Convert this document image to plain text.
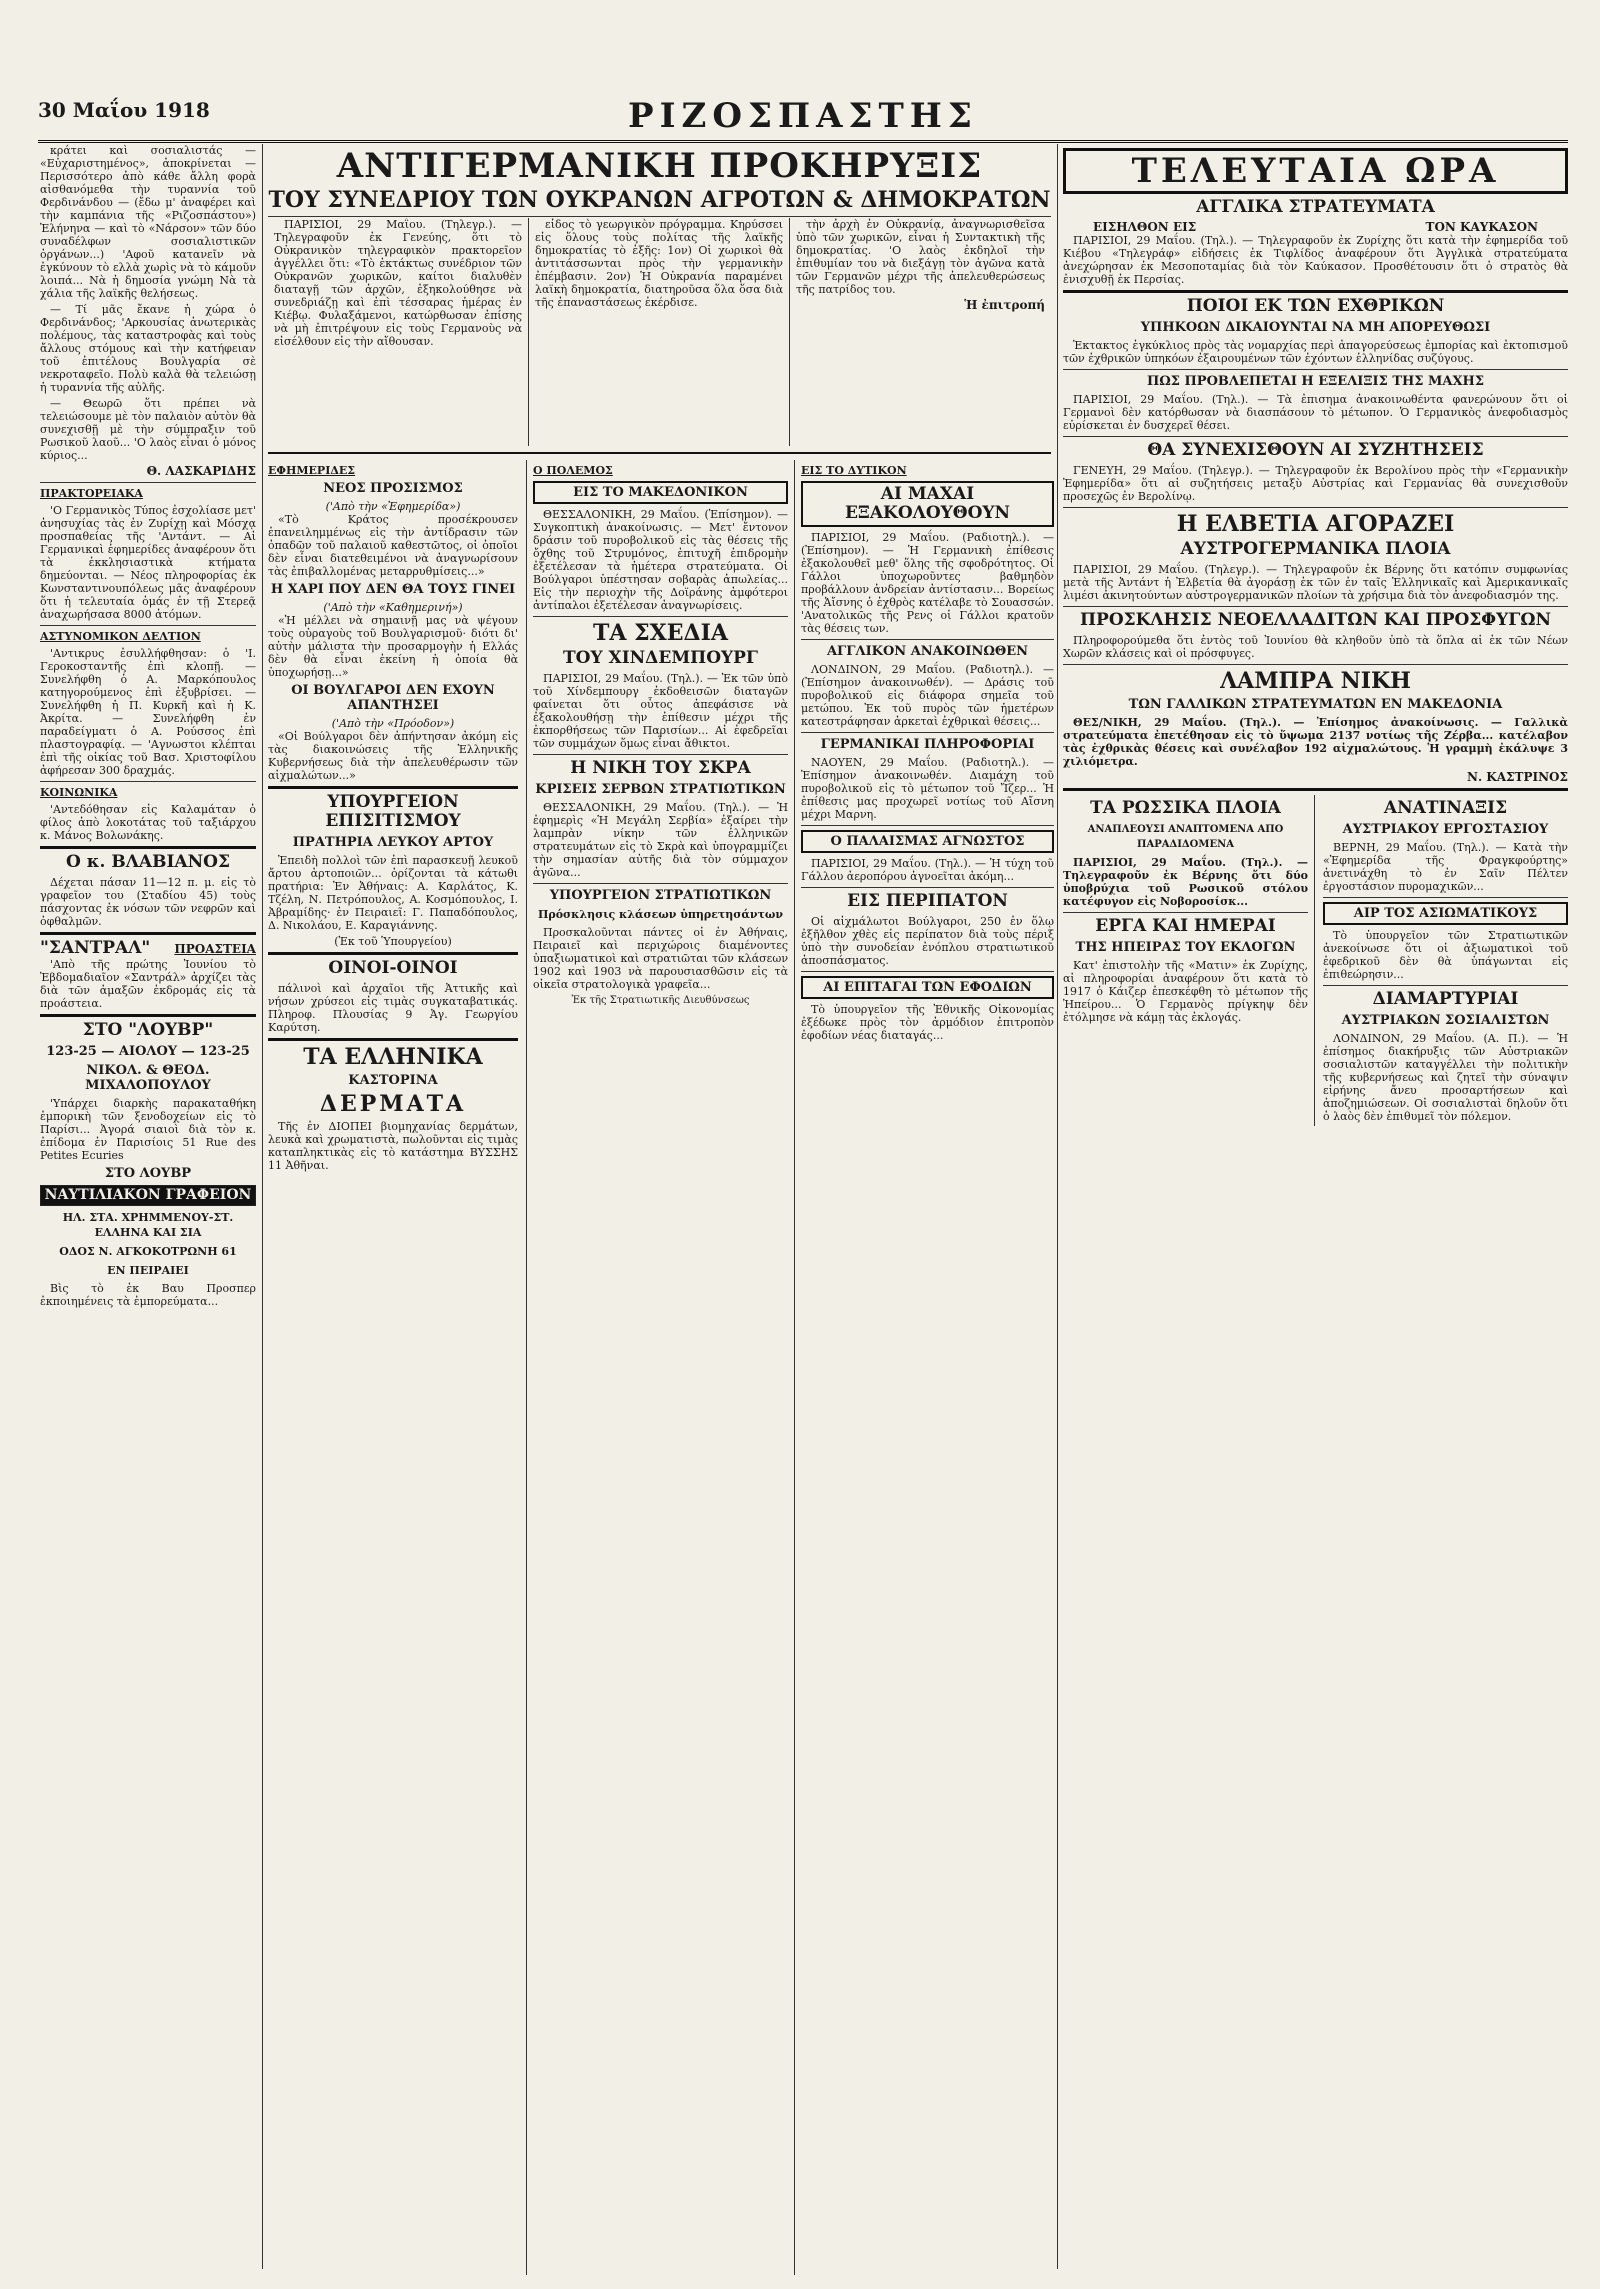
30 Μαΐου 1918	ΡΙΖΟΣΠΑΣΤΗΣ

κράτει καὶ σοσιαλιστάς — «Εὐχαριστημένος», ἀποκρίνεται — Περισσότερο ἀπὸ κάθε ἄλλη φορὰ αἰσθανόμεθα τὴν τυραννία τοῦ Φερδινάνδου — (ἔδω μ' ἀναφέρει καὶ τὴν καμπάνια τῆς «Ριζοσπάστου») Ἐλήνηνα — καὶ τὸ «Νάρσον» τῶν δύο συναδέλφων σοσιαλιστικῶν ὀργάνων...) 'Αφοῦ κατανεῖν νὰ ἐγκύνουν τὸ ελλὰ χωρὶς νὰ τὸ κάμοῦν λοιπά... Νὰ ἡ δημοσία γνώμη Νὰ τὰ χάλια τῆς λαϊκῆς θελήσεως.

— Τί μᾶς ἔκανε ἡ χώρα ὁ Φερδινάνδος; 'Αρκουσίας ἀνωτερικὰς πολέμους, τὰς καταστροφὰς καὶ τοὺς ἄλλους στόμους καὶ τὴν κατήφειαν τοῦ ἐπιτέλους Βουλγαρία σὲ νεκροταφεῖο. Πολὺ καλὰ θὰ τελειώσῃ ἡ τυραννία τῆς αὐλῆς.

— Θεωρῶ ὅτι πρέπει νὰ τελειώσουμε μὲ τὸν παλαιὸν αὐτὸν θὰ συνεχισθῇ μὲ τὴν σύμπραξιν τοῦ Ρωσικοῦ λαοῦ... 'Ο λαὸς εἶναι ὁ μόνος κύριος...

Θ. ΛΑΣΚΑΡΙΔΗΣ
ΠΡΑΚΤΟΡΕΙΑΚΑ

'Ο Γερμανικὸς Τύπος ἐσχολίασε μετ' ἀνησυχίας τὰς ἐν Ζυρίχῃ καὶ Μόσχᾳ προσπαθείας τῆς 'Αντάντ. — Αἱ Γερμανικαὶ ἐφημερίδες ἀναφέρουν ὅτι τὰ ἐκκλησιαστικὰ κτήματα δημεύονται. — Νέος πληροφορίας ἐκ Κωνσταντινουπόλεως μᾶς ἀναφέρουν ὅτι ἡ τελευταία ὁμάς ἐν τῇ Στερεᾷ ἀναχωρήσασα 8000 ἀτόμων.

ΑΣΤΥΝΟΜΙΚΟΝ ΔΕΛΤΙΟΝ

'Αντικρυς ἐσυλλήφθησαν: ὁ 'Ι. Γεροκοσταντῆς ἐπὶ κλοπῇ. — Συνελήφθη ὁ Α. Μαρκόπουλος κατηγορούμενος ἐπὶ ἐξυβρίσει. — Συνελήφθη ἡ Π. Κυρκῆ καὶ ἡ Κ. Ἀκρίτα. — Συνελήφθη ἐν παραδείγματι ὁ Α. Ρούσσος ἐπὶ πλαστογραφίᾳ. — 'Αγνωστοι κλέπται ἐπὶ τῆς οἰκίας τοῦ Βασ. Χριστοφίλου ἀφήρεσαν 300 δραχμάς.

ΚΟΙΝΩΝΙΚΑ

'Αντεδόθησαν εἰς Καλαμάταν ὁ φίλος ἀπὸ λοκοτάτας τοῦ ταξιάρχου κ. Μάνος Βολωνάκης.

Ο κ. ΒΛΑΒΙΑΝΟΣ

Δέχεται πάσαν 11—12 π. μ. εἰς τὸ γραφεῖον του (Σταδίου 45) τοὺς πάσχοντας ἐκ νόσων τῶν νεφρῶν καὶ ὀφθαλμῶν.

"ΣΑΝΤΡΑΛ" ΠΡΟΑΣΤΕΙΑ

'Απὸ τῆς πρώτης Ἰουνίου τὸ Ἐβδομαδιαῖον «Σαντράλ» ἀρχίζει τὰς διὰ τῶν ἁμαξῶν ἐκδρομάς εἰς τὰ προάστεια.

ΣΤΟ "ΛΟΥΒΡ"
123-25 — ΑΙΟΛΟΥ — 123-25
ΝΙΚΟΛ. & ΘΕΟΔ. ΜΙΧΑΛΟΠΟΥΛΟΥ

'Υπάρχει διαρκὴς παρακαταθήκη ἐμπορικὴ τῶν ξενοδοχείων εἰς τὸ Παρίσι... Ἀγορά σιαιοὶ διὰ τὸν κ. ἐπίδομα ἐν Παρισίοις 51 Rue des Petites Ecuries

ΣΤΟ ΛΟΥΒΡ
ΝΑΥΤΙΛΙΑΚΟΝ ΓΡΑΦΕΙΟΝ
ΗΛ. ΣΤΑ. ΧΡΗΜΜΕΝΟΥ-ΣΤ. ΕΛΛΗΝΑ ΚΑΙ ΣΙΑ
ΟΔΟΣ Ν. ΑΓΚΟΚΟΤΡΩΝΗ 61
ΕΝ ΠΕΙΡΑΙΕΙ

Βὶς τὸ ἐκ Βαυ Προσπερ ἐκποιημένεις τὰ ἐμπορεύματα...

ΑΝΤΙΓΕΡΜΑΝΙΚΗ ΠΡΟΚΗΡΥΞΙΣ
ΤΟΥ ΣΥΝΕΔΡΙΟΥ ΤΩΝ ΟΥΚΡΑΝΩΝ ΑΓΡΟΤΩΝ & ΔΗΜΟΚΡΑΤΩΝ

ΠΑΡΙΣΙΟΙ, 29 Μαΐου. (Τηλεγρ.). — Τηλεγραφοῦν ἐκ Γενεύης, ὅτι τὸ Οὐκρανικὸν τηλεγραφικὸν πρακτορεῖον ἀγγέλλει ὅτι: «Τὸ ἐκτάκτως συνέδριον τῶν Οὐκρανῶν χωρικῶν, καίτοι διαλυθὲν διαταγῇ τῶν ἀρχῶν, ἐξηκολούθησε νὰ συνεδριάζῃ καὶ ἐπὶ τέσσαρας ἡμέρας ἐν Κιέβῳ. Φυλαξάμενοι, κατώρθωσαν ἐπίσης νὰ μὴ ἐπιτρέψουν εἰς τοὺς Γερμανοὺς νὰ εἰσέλθουν εἰς τὴν αἴθουσαν.

εἶδος τὸ γεωργικὸν πρόγραμμα. Κηρύσσει εἰς ὅλους τοὺς πολίτας τῆς λαϊκῆς δημοκρατίας τὸ ἑξῆς: 1ον) Οἱ χωρικοὶ θὰ ἀντιτάσσωνται πρὸς τὴν γερμανικὴν ἐπέμβασιν. 2ον) Ἡ Οὐκρανία παραμένει λαϊκὴ δημοκρατία, διατηροῦσα ὅλα ὅσα διὰ τῆς ἐπαναστάσεως ἐκέρδισε.

τὴν ἀρχὴ ἐν Οὐκρανίᾳ, ἀναγνωρισθεῖσα ὑπὸ τῶν χωρικῶν, εἶναι ἡ Συντακτικὴ τῆς δημοκρατίας. 'Ο λαὸς ἐκδηλοῖ τὴν ἐπιθυμίαν του νὰ διεξάγῃ τὸν ἀγῶνα κατὰ τῶν Γερμανῶν μέχρι τῆς ἀπελευθερώσεως τῆς πατρίδος του.

Ἡ ἐπιτροπή
ΕΦΗΜΕΡΙΔΕΣ
ΝΕΟΣ ΠΡΟΣΙΣΜΟΣ
('Απὸ τὴν «Ἐφημερίδα»)

«Τὸ Κράτος προσέκρουσεν ἐπανειλημμένως εἰς τὴν ἀντίδρασιν τῶν ὀπαδῶν τοῦ παλαιοῦ καθεστῶτος, οἱ ὁποῖοι δὲν εἶναι διατεθειμένοι νὰ ἀναγνωρίσουν τὰς ἐπιβαλλομένας μεταρρυθμίσεις...»

Η ΧΑΡΙ ΠΟΥ ΔΕΝ ΘΑ ΤΟΥΣ ΓΙΝΕΙ
('Απὸ τὴν «Καθημερινή»)

«Ἡ μέλλει νὰ σημαινῇ μας νὰ ψέγουν τοὺς οὐραγοὺς τοῦ Βουλγαρισμοῦ· διότι δι' αὐτὴν μάλιστα τὴν προσαρμογὴν ἡ Ελλάς δὲν θὰ εἶναι ἐκείνη ἡ ὁποία θὰ ὑποχωρήσῃ...»

ΟΙ ΒΟΥΛΓΑΡΟΙ ΔΕΝ ΕΧΟΥΝ ΑΠΑΝΤΗΣΕΙ
('Απὸ τὴν «Πρόοδον»)

«Οἱ Βούλγαροι δὲν ἀπήντησαν ἀκόμη εἰς τὰς διακοινώσεις τῆς Ἑλληνικῆς Κυβερνήσεως διὰ τὴν ἀπελευθέρωσιν τῶν αἰχμαλώτων...»

ΥΠΟΥΡΓΕΙΟΝ ΕΠΙΣΙΤΙΣΜΟΥ
ΠΡΑΤΗΡΙΑ ΛΕΥΚΟΥ ΑΡΤΟΥ

Ἐπειδὴ πολλοὶ τῶν ἐπὶ παρασκευῇ λευκοῦ ἄρτου ἀρτοποιῶν... ὁρίζονται τὰ κάτωθι πρατήρια: Ἐν Ἀθήναις: Α. Καρλάτος, Κ. Τζέλη, Ν. Πετρόπουλος, Α. Κοσμόπουλος, Ι. Ἀβραμίδης· ἐν Πειραιεῖ: Γ. Παπαδόπουλος, Δ. Νικολάου, Ε. Καραγιάννης.

(Ἐκ τοῦ Ὑπουργείου)
ΟΙΝΟΙ-ΟΙΝΟΙ

πάλινοὶ καὶ ἀρχαῖοι τῆς Ἀττικῆς καὶ νήσων χρύσεοι εἰς τιμὰς συγκαταβατικάς. Πληροφ. Πλουσίας 9 Ἀγ. Γεωργίου Καρύτση.

ΤΑ ΕΛΛΗΝΙΚΑ
ΚΑΣΤΟΡΙΝΑ
ΔΕΡΜΑΤΑ

Τῆς ἐν ΔΙΟΠΕΙ βιομηχανίας δερμάτων, λευκὰ καὶ χρωματιστὰ, πωλοῦνται εἰς τιμὰς καταπληκτικὰς εἰς τὸ κατάστημα ΒΥΣΣΗΣ 11 Ἀθῆναι.

Ο ΠΟΛΕΜΟΣ
ΕΙΣ ΤΟ ΜΑΚΕΔΟΝΙΚΟΝ

ΘΕΣΣΑΛΟΝΙΚΗ, 29 Μαΐου. (Ἐπίσημον). — Συγκοπτικὴ ἀνακοίνωσις. — Μετ' ἔντονον δράσιν τοῦ πυροβολικοῦ εἰς τὰς θέσεις τῆς ὄχθης τοῦ Στρυμόνος, ἐπιτυχῆ ἐπιδρομὴν ἐξετέλεσαν τὰ ἡμέτερα στρατεύματα. Οἱ Βούλγαροι ὑπέστησαν σοβαρὰς ἀπωλείας... Εἰς τὴν περιοχὴν τῆς Δοϊράνης ἀμφότεροι ἀντίπαλοι ἐξετέλεσαν ἀναγνωρίσεις.

ΤΑ ΣΧΕΔΙΑ
ΤΟΥ ΧΙΝΔΕΜΠΟΥΡΓ

ΠΑΡΙΣΙΟΙ, 29 Μαΐου. (Τηλ.). — Ἐκ τῶν ὑπὸ τοῦ Χίνδεμπουργ ἐκδοθεισῶν διαταγῶν φαίνεται ὅτι οὗτος ἀπεφάσισε νὰ ἐξακολουθήσῃ τὴν ἐπίθεσιν μέχρι τῆς ἐκπορθήσεως τῶν Παρισίων... Αἱ ἐφεδρεῖαι τῶν συμμάχων ὅμως εἶναι ἄθικτοι.

Η ΝΙΚΗ ΤΟΥ ΣΚΡΑ
ΚΡΙΣΕΙΣ ΣΕΡΒΩΝ ΣΤΡΑΤΙΩΤΙΚΩΝ

ΘΕΣΣΑΛΟΝΙΚΗ, 29 Μαΐου. (Τηλ.). — Ἡ ἐφημερὶς «Ἡ Μεγάλη Σερβία» ἐξαίρει τὴν λαμπρὰν νίκην τῶν ἑλληνικῶν στρατευμάτων εἰς τὸ Σκρὰ καὶ ὑπογραμμίζει τὴν σημασίαν αὐτῆς διὰ τὸν σύμμαχον ἀγῶνα...

ΥΠΟΥΡΓΕΙΟΝ ΣΤΡΑΤΙΩΤΙΚΩΝ
Πρόσκλησις κλάσεων ὑπηρετησάντων

Προσκαλοῦνται πάντες οἱ ἐν Ἀθήναις, Πειραιεῖ καὶ περιχώροις διαμένοντες ὑπαξιωματικοὶ καὶ στρατιῶται τῶν κλάσεων 1902 καὶ 1903 νὰ παρουσιασθῶσιν εἰς τὰ οἰκεῖα στρατολογικὰ γραφεῖα...

Ἐκ τῆς Στρατιωτικῆς Διευθύνσεως
ΕΙΣ ΤΟ ΔΥΤΙΚΟΝ
ΑΙ ΜΑΧΑΙ ΕΞΑΚΟΛΟΥΘΟΥΝ

ΠΑΡΙΣΙΟΙ, 29 Μαΐου. (Ραδιοτηλ.). — (Ἐπίσημον). — Ἡ Γερμανικὴ ἐπίθεσις ἐξακολουθεῖ μεθ' ὅλης τῆς σφοδρότητος. Οἱ Γάλλοι ὑποχωροῦντες βαθμηδὸν προβάλλουν ἀνδρείαν ἀντίστασιν... Βορείως τῆς Ἀἴσνης ὁ ἐχθρὸς κατέλαβε τὸ Σουασσών. 'Ανατολικῶς τῆς Ρενς οἱ Γάλλοι κρατοῦν τὰς θέσεις των.

ΑΓΓΛΙΚΟΝ ΑΝΑΚΟΙΝΩΘΕΝ

ΛΟΝΔΙΝΟΝ, 29 Μαΐου. (Ραδιοτηλ.). — (Ἐπίσημον ἀνακοινωθέν). — Δράσις τοῦ πυροβολικοῦ εἰς διάφορα σημεῖα τοῦ μετώπου. Ἐκ τοῦ πυρὸς τῶν ἡμετέρων κατεστράφησαν ἀρκεταὶ ἐχθρικαὶ θέσεις...

ΓΕΡΜΑΝΙΚΑΙ ΠΛΗΡΟΦΟΡΙΑΙ

ΝΑΟΥΕΝ, 29 Μαΐου. (Ραδιοτηλ.). — Ἐπίσημον ἀνακοινωθέν. Διαμάχη τοῦ πυροβολικοῦ εἰς τὸ μέτωπον τοῦ Ἴζερ... Ἡ ἐπίθεσις μας προχωρεῖ νοτίως τοῦ Αἴσνη μέχρι Μαρνη.

Ο ΠΑΛΑΙΣΜΑΣ ΑΓΝΩΣΤΟΣ

ΠΑΡΙΣΙΟΙ, 29 Μαΐου. (Τηλ.). — Ἡ τύχη τοῦ Γάλλου ἀεροπόρου ἀγνοεῖται ἀκόμη...

ΕΙΣ ΠΕΡΙΠΑΤΟΝ

Οἱ αἰχμάλωτοι Βούλγαροι, 250 ἐν ὅλῳ ἐξῆλθον χθὲς εἰς περίπατον διὰ τοὺς πέριξ ὑπὸ τὴν συνοδείαν ἐνόπλου στρατιωτικοῦ ἀποσπάσματος.

ΑΙ ΕΠΙΤΑΓΑΙ ΤΩΝ ΕΦΟΔΙΩΝ

Τὸ ὑπουργεῖον τῆς Ἐθνικῆς Οἰκονομίας ἐξέδωκε πρὸς τὸν ἀρμόδιον ἐπιτροπὸν ἐφοδίων νέας διαταγάς...

ΤΕΛΕΥΤΑΙΑ ΩΡΑ
ΑΓΓΛΙΚΑ ΣΤΡΑΤΕΥΜΑΤΑ
ΕΙΣΗΛΘΟΝ ΕΙΣ	ΤΟΝ ΚΑΥΚΑΣΟΝ

ΠΑΡΙΣΙΟΙ, 29 Μαΐου. (Τηλ.). — Τηλεγραφοῦν ἐκ Ζυρίχης ὅτι κατὰ τὴν ἐφημερίδα τοῦ Κιέβου «Τηλεγράφ» εἰδήσεις ἐκ Τιφλίδος ἀναφέρουν ὅτι Ἀγγλικὰ στρατεύματα ἀνεχώρησαν ἐκ Μεσοποταμίας διὰ τὸν Καύκασον. Προσθέτουσιν ὅτι ὁ στρατὸς θὰ ἐνισχυθῇ ἐκ Περσίας.

ΠΟΙΟΙ ΕΚ ΤΩΝ ΕΧΘΡΙΚΩΝ
ΥΠΗΚΟΩΝ ΔΙΚΑΙΟΥΝΤΑΙ ΝΑ ΜΗ ΑΠΟΡΕΥΘΩΣΙ

Ἐκτακτος ἐγκύκλιος πρὸς τὰς νομαρχίας περὶ ἀπαγορεύσεως ἐμπορίας καὶ ἐκτοπισμοῦ τῶν ἐχθρικῶν ὑπηκόων ἐξαιρουμένων τῶν ἐχόντων ἑλληνίδας συζύγους.

ΠΩΣ ΠΡΟΒΛΕΠΕΤΑΙ Η ΕΞΕΛΙΞΙΣ ΤΗΣ ΜΑΧΗΣ

ΠΑΡΙΣΙΟΙ, 29 Μαΐου. (Τηλ.). — Τὰ ἐπισημα ἀνακοινωθέντα φανερώνουν ὅτι οἱ Γερμανοὶ δὲν κατόρθωσαν νὰ διασπάσουν τὸ μέτωπον. Ὁ Γερμανικὸς ἀνεφοδιασμὸς εὐρίσκεται ἐν δυσχερεῖ θέσει.

ΘΑ ΣΥΝΕΧΙΣΘΟΥΝ ΑΙ ΣΥΖΗΤΗΣΕΙΣ

ΓΕΝΕΥΗ, 29 Μαΐου. (Τηλεγρ.). — Τηλεγραφοῦν ἐκ Βερολίνου πρὸς τὴν «Γερμανικὴν Ἐφημερίδα» ὅτι αἱ συζητήσεις μεταξὺ Αὐστρίας καὶ Γερμανίας θὰ συνεχισθοῦν προσεχῶς ἐν Βερολίνῳ.

Η ΕΛΒΕΤΙΑ ΑΓΟΡΑΖΕΙ
ΑΥΣΤΡΟΓΕΡΜΑΝΙΚΑ ΠΛΟΙΑ

ΠΑΡΙΣΙΟΙ, 29 Μαΐου. (Τηλεγρ.). — Τηλεγραφοῦν ἐκ Βέρνης ὅτι κατόπιν συμφωνίας μετὰ τῆς Ἀντάντ ἡ Ἐλβετία θὰ ἀγοράσῃ ἐκ τῶν ἐν ταῖς Ἑλληνικαῖς καὶ Ἀμερικανικαῖς λιμέσι ἀκινητούντων αὐστρογερμανικῶν πλοίων τὰ χρήσιμα διὰ τὸν ἀνεφοδιασμόν της.

ΠΡΟΣΚΛΗΣΙΣ ΝΕΟΕΛΛΑΔΙΤΩΝ ΚΑΙ ΠΡΟΣΦΥΓΩΝ

Πληροφορούμεθα ὅτι ἐντὸς τοῦ Ἰουνίου θὰ κληθοῦν ὑπὸ τὰ ὅπλα αἱ ἐκ τῶν Νέων Χωρῶν κλάσεις καὶ οἱ πρόσφυγες.

ΛΑΜΠΡΑ ΝΙΚΗ
ΤΩΝ ΓΑΛΛΙΚΩΝ ΣΤΡΑΤΕΥΜΑΤΩΝ ΕΝ ΜΑΚΕΔΟΝΙΑ

ΘΕΣ/ΝΙΚΗ, 29 Μαΐου. (Τηλ.). — Ἐπίσημος ἀνακοίνωσις. — Γαλλικὰ στρατεύματα ἐπετέθησαν εἰς τὸ ὕψωμα 2137 νοτίως τῆς Ζέρβα... κατέλαβον τὰς ἐχθρικὰς θέσεις καὶ συνέλαβον 192 αἰχμαλώτους. Ἡ γραμμὴ ἐκάλυψε 3 χιλιόμετρα.

Ν. ΚΑΣΤΡΙΝΟΣ
ΤΑ ΡΩΣΣΙΚΑ ΠΛΟΙΑ
ΑΝΑΠΛΕΟΥΣΙ ΑΝΑΠΤΟΜΕΝΑ ΑΠΟ ΠΑΡΑΔΙΔΟΜΕΝΑ

ΠΑΡΙΣΙΟΙ, 29 Μαΐου. (Τηλ.). — Τηλεγραφοῦν ἐκ Βέρνης ὅτι δύο ὑποβρύχια τοῦ Ρωσικοῦ στόλου κατέφυγον εἰς Νοβοροσίσκ...

ΕΡΓΑ ΚΑΙ ΗΜΕΡΑΙ
ΤΗΣ ΗΠΕΙΡΑΣ ΤΟΥ ΕΚΛΟΓΩΝ

Κατ' ἐπιστολὴν τῆς «Ματιν» ἐκ Ζυρίχης, αἱ πληροφορίαι ἀναφέρουν ὅτι κατὰ τὸ 1917 ὁ Κάιζερ ἐπεσκέφθη τὸ μέτωπον τῆς Ἠπείρου... Ὁ Γερμανὸς πρίγκηψ δὲν ἐτόλμησε νὰ κάμῃ τὰς ἐκλογάς.

ΑΝΑΤΙΝΑΞΙΣ
ΑΥΣΤΡΙΑΚΟΥ ΕΡΓΟΣΤΑΣΙΟΥ

ΒΕΡΝΗ, 29 Μαΐου. (Τηλ.). — Κατὰ τὴν «Ἐφημερίδα τῆς Φραγκφούρτης» ἀνετινάχθη τὸ ἐν Σαῖν Πέλτεν ἐργοστάσιον πυρομαχικῶν...

ΑΙΡ ΤΟΣ ΑΣΙΩΜΑΤΙΚΟΥΣ

Τὸ ὑπουργεῖον τῶν Στρατιωτικῶν ἀνεκοίνωσε ὅτι οἱ ἀξιωματικοὶ τοῦ ἐφεδρικοῦ δὲν θὰ ὑπάγωνται εἰς ἐπιθεώρησιν...

ΔΙΑΜΑΡΤΥΡΙΑΙ
ΑΥΣΤΡΙΑΚΩΝ ΣΟΣΙΑΛΙΣΤΩΝ

ΛΟΝΔΙΝΟΝ, 29 Μαΐου. (Α. Π.). — Ἡ ἐπίσημος διακήρυξις τῶν Αὐστριακῶν σοσιαλιστῶν καταγγέλλει τὴν πολιτικὴν τῆς κυβερνήσεως καὶ ζητεῖ τὴν σύναψιν εἰρήνης ἄνευ προσαρτήσεων καὶ ἀποζημιώσεων. Οἱ σοσιαλισταὶ δηλοῦν ὅτι ὁ λαὸς δὲν ἐπιθυμεῖ τὸν πόλεμον.
